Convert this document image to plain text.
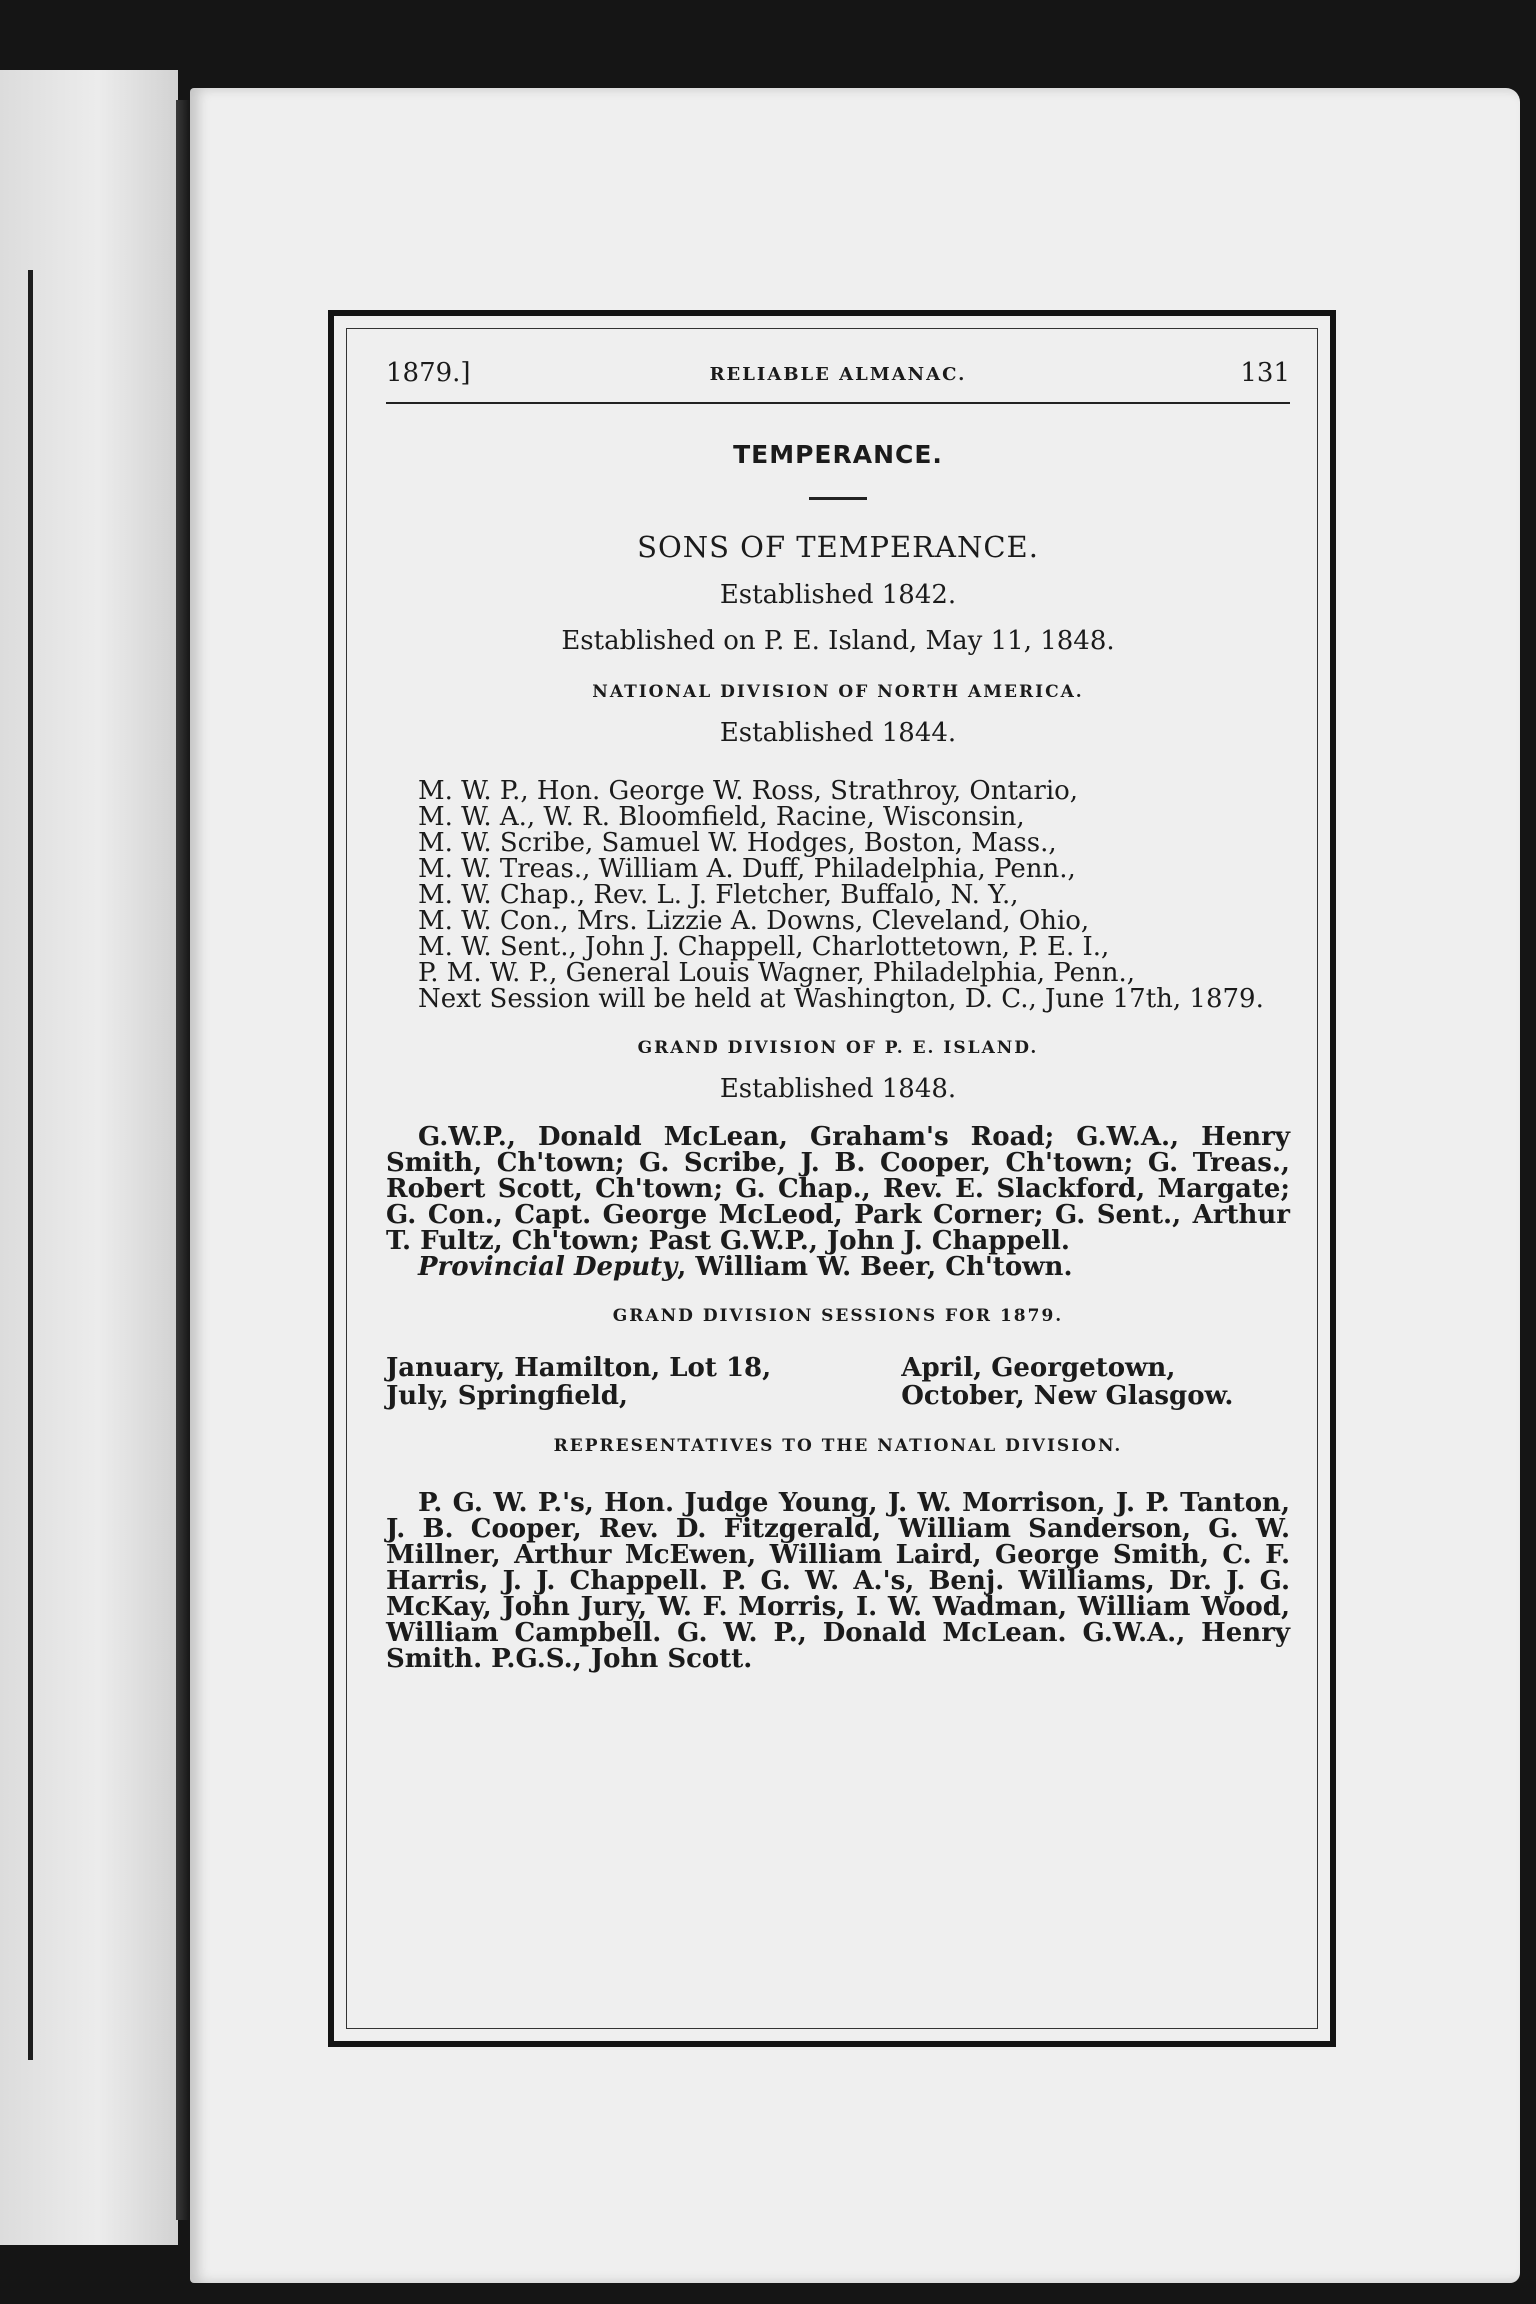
1879.]	RELIABLE ALMANAC.	131
TEMPERANCE.
SONS OF TEMPERANCE.
Established 1842.
Established on P. E. Island, May 11, 1848.
NATIONAL DIVISION OF NORTH AMERICA.
Established 1844.
M. W. P., Hon. George W. Ross, Strathroy, Ontario,
M. W. A., W. R. Bloomfield, Racine, Wisconsin,
M. W. Scribe, Samuel W. Hodges, Boston, Mass.,
M. W. Treas., William A. Duff, Philadelphia, Penn.,
M. W. Chap., Rev. L. J. Fletcher, Buffalo, N. Y.,
M. W. Con., Mrs. Lizzie A. Downs, Cleveland, Ohio,
M. W. Sent., John J. Chappell, Charlottetown, P. E. I.,
P. M. W. P., General Louis Wagner, Philadelphia, Penn.,
Next Session will be held at Washington, D. C., June 17th, 1879.
GRAND DIVISION OF P. E. ISLAND.
Established 1848.
G.W.P., Donald McLean, Graham's Road; G.W.A., Henry Smith, Ch'town; G. Scribe, J. B. Cooper, Ch'town; G. Treas., Robert Scott, Ch'town; G. Chap., Rev. E. Slackford, Margate; G. Con., Capt. George McLeod, Park Corner; G. Sent., Arthur T. Fultz, Ch'town; Past G.W.P., John J. Chappell.
Provincial Deputy, William W. Beer, Ch'town.
GRAND DIVISION SESSIONS FOR 1879.
January, Hamilton, Lot 18,
July, Springfield,
April, Georgetown,
October, New Glasgow.
REPRESENTATIVES TO THE NATIONAL DIVISION.
P. G. W. P.'s, Hon. Judge Young, J. W. Morrison, J. P. Tanton, J. B. Cooper, Rev. D. Fitzgerald, William Sanderson, G. W. Millner, Arthur McEwen, William Laird, George Smith, C. F. Harris, J. J. Chappell. P. G. W. A.'s, Benj. Williams, Dr. J. G. McKay, John Jury, W. F. Morris, I. W. Wadman, William Wood, William Campbell. G. W. P., Donald McLean. G.W.A., Henry Smith. P.G.S., John Scott.
